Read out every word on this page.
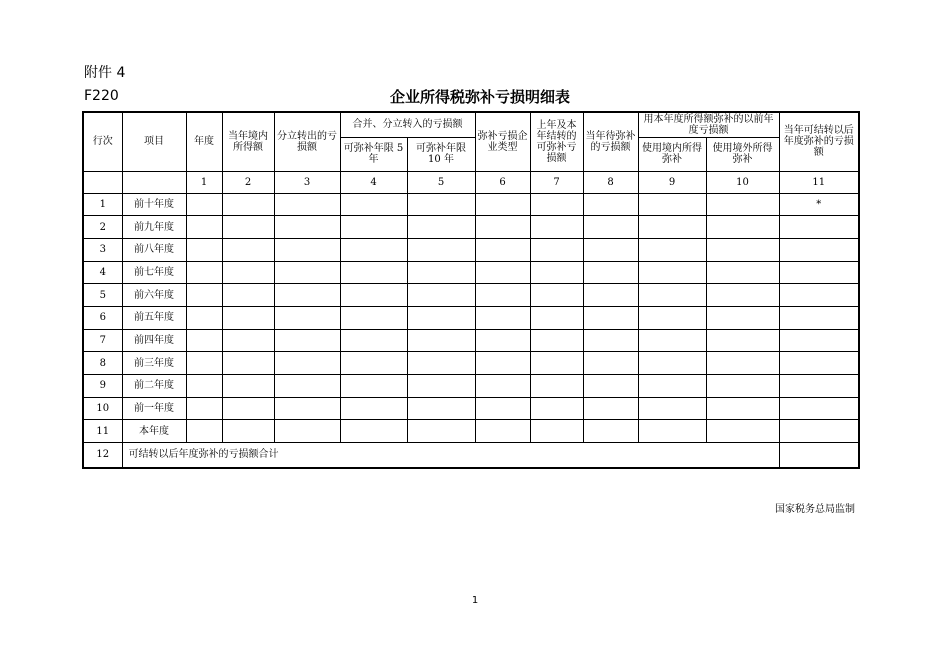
附件 4
F220	企业所得税弥补亏损明细表
行次	项目	年度	当年境内所得额	分立转出的亏损额	合并、分立转入的亏损额		弥补亏损企业类型	上年及本年结转的可弥补亏损额	当年待弥补的亏损额	用本年度所得额弥补的以前年度亏损额		当年可结转以后年度弥补的亏损额
					可弥补年限 5 年	可弥补年限 10 年				使用境内所得弥补	使用境外所得弥补	
		1	2	3	4	5	6	7	8	9	10	11
1	前十年度											*
2	前九年度											
3	前八年度											
4	前七年度											
5	前六年度											
6	前五年度											
7	前四年度											
8	前三年度											
9	前二年度											
10	前一年度											
11	本年度											
12	可结转以后年度弥补的亏损额合计											
国家税务总局监制
1
